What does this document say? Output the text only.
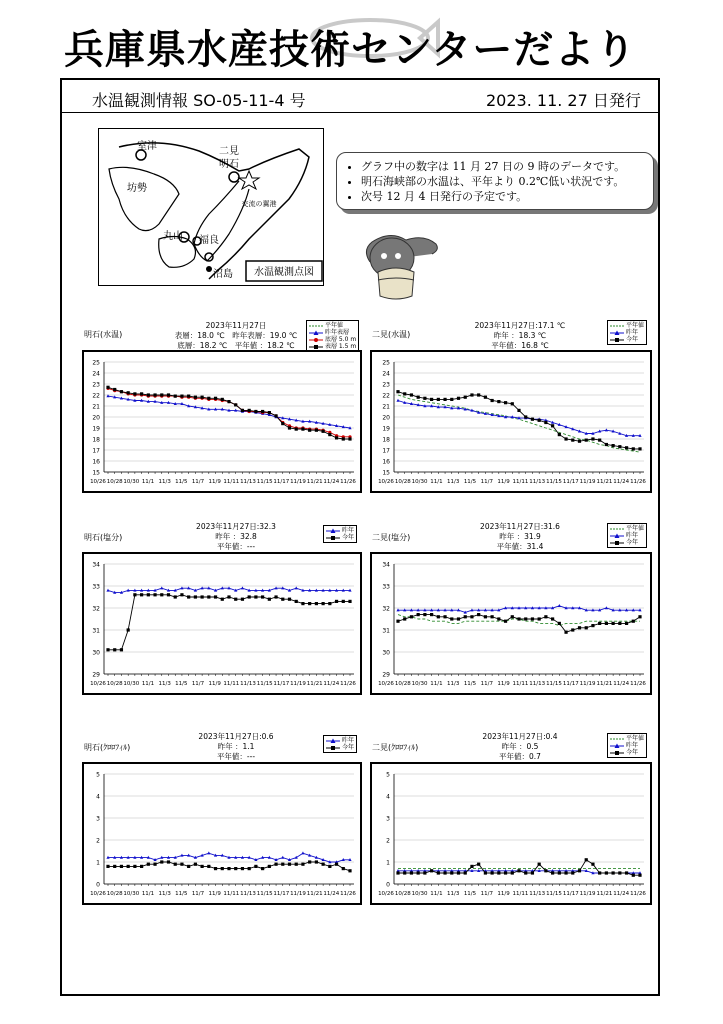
兵庫県水産技術センターだより
水温観測情報 SO-05-11-4 号	2023. 11. 27 日発行
水温観測点図
室津	二見
明石
坊勢
交流の翼港
丸山 福良
沼島
• グラフ中の数字は 11 月 27 日の 9 時のデータです。
• 明石海峡部の水温は、平年より 0.2℃低い状況です。
• 次号 12 月 4 日発行の予定です。
明石(水温)
2023年11月27日
表層：18.0 ℃　昨年表層：19.0 ℃
底層：18.2 ℃　平年値 ：18.2 ℃
平年値
昨年表層
底層 5.0 m
表層 1.5 m
15
16
17
18
19
20
21
22
23
24
25
10/26 10/28 10/30 11/1 11/3 11/5 11/7 11/9 11/11 11/13 11/15 11/17 11/19 11/21 11/24 11/26
二見(水温)
2023年11月27日:17.1 ℃
昨年 ：18.3 ℃
平年値：16.8 ℃
平年値
昨年
今年
15
16
17
18
19
20
21
22
23
24
25
10/26 10/28 10/30 11/1 11/3 11/5 11/7 11/9 11/11 11/13 11/15 11/17 11/19 11/21 11/24 11/26
明石(塩分)
2023年11月27日:32.3
昨年 ：32.8
平年値：---
昨年
今年
29
30
31
32
33
34
10/26 10/28 10/30 11/1 11/3 11/5 11/7 11/9 11/11 11/13 11/15 11/17 11/19 11/21 11/24 11/26
二見(塩分)
2023年11月27日:31.6
昨年 ：31.9
平年値：31.4
平年値
昨年
今年
29
30
31
32
33
34
10/26 10/28 10/30 11/1 11/3 11/5 11/7 11/9 11/11 11/13 11/15 11/17 11/19 11/21 11/24 11/26
明石(ｸﾛﾛﾌｨﾙ)
2023年11月27日:0.6
昨年 ：1.1
平年値：---
昨年
今年
0
1
2
3
4
5
10/26 10/28 10/30 11/1 11/3 11/5 11/7 11/9 11/11 11/13 11/15 11/17 11/19 11/21 11/24 11/26
二見(ｸﾛﾛﾌｨﾙ)
2023年11月27日:0.4
昨年 ：0.5
平年値：0.7
平年値
昨年
今年
0
1
2
3
4
5
10/26 10/28 10/30 11/1 11/3 11/5 11/7 11/9 11/11 11/13 11/15 11/17 11/19 11/21 11/24 11/26
